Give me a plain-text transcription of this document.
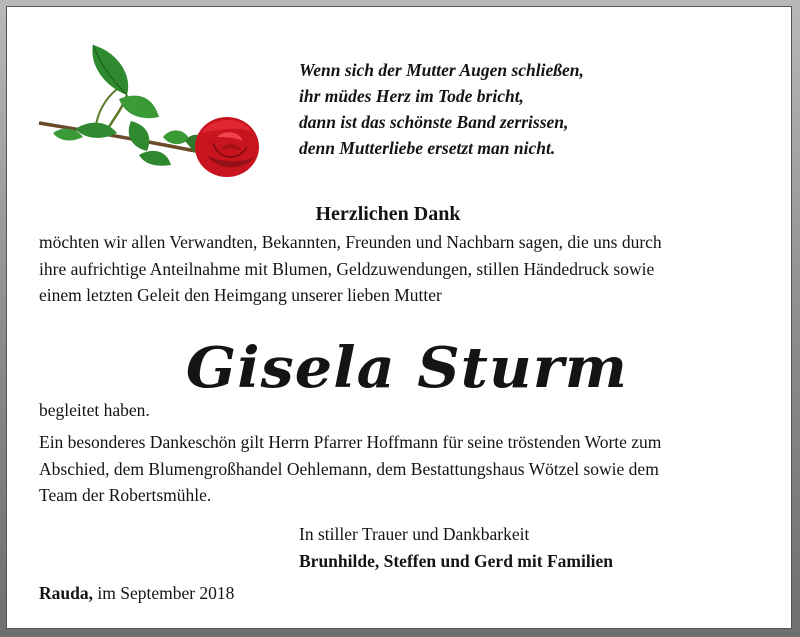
Wenn sich der Mutter Augen schließen,
ihr müdes Herz im Tode bricht,
dann ist das schönste Band zerrissen,
denn Mutterliebe ersetzt man nicht.
Herzlichen Dank
möchten wir allen Verwandten, Bekannten, Freunden und Nachbarn sagen, die uns durch
ihre aufrichtige Anteilnahme mit Blumen, Geldzuwendungen, stillen Händedruck sowie
einem letzten Geleit den Heimgang unserer lieben Mutter
Gisela Sturm
begleitet haben.
Ein besonderes Dankeschön gilt Herrn Pfarrer Hoffmann für seine tröstenden Worte zum
Abschied, dem Blumengroßhandel Oehlemann, dem Bestattungshaus Wötzel sowie dem
Team der Robertsmühle.
In stiller Trauer und Dankbarkeit
Brunhilde, Steffen und Gerd mit Familien
Rauda, im September 2018
